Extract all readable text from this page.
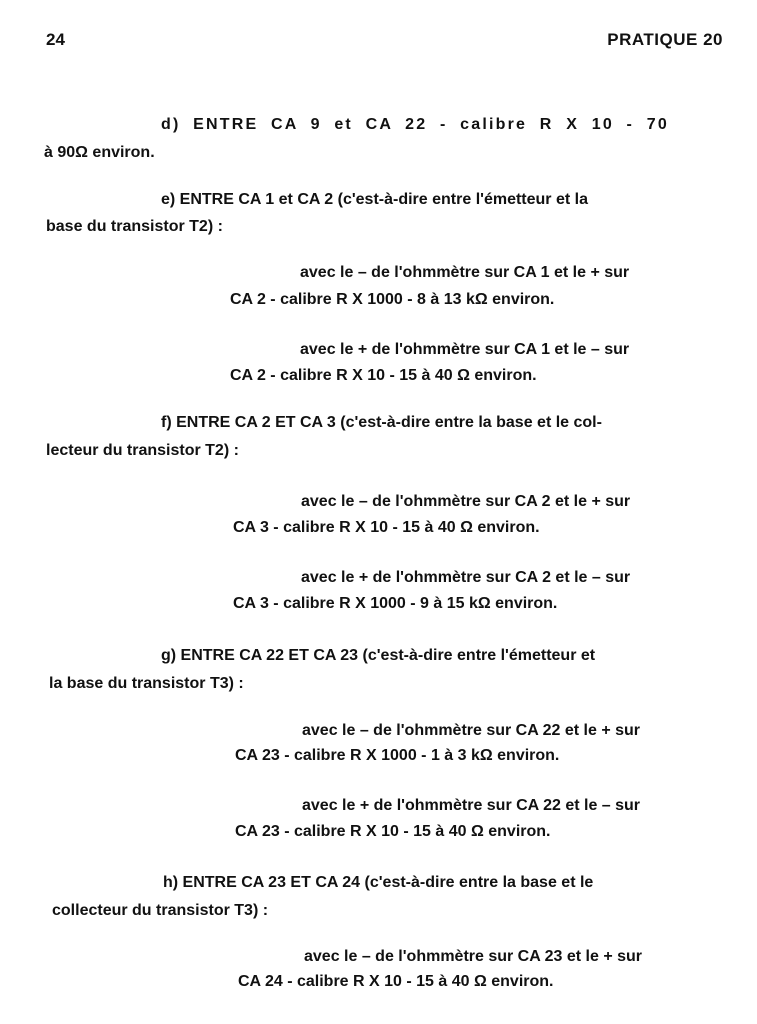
24	PRATIQUE 20

d) ENTRE CA 9 et CA 22 - calibre R X 10 - 70

à 90Ω environ.

e) ENTRE CA 1 et CA 2 (c'est-à-dire entre l'émetteur et la

base du transistor T2) :

avec le – de l'ohmmètre sur CA 1 et le + sur

CA 2 - calibre R X 1000 - 8 à 13 kΩ environ.

avec le + de l'ohmmètre sur CA 1 et le – sur

CA 2 - calibre R X 10 - 15 à 40 Ω environ.

f) ENTRE CA 2 ET CA 3 (c'est-à-dire entre la base et le col-

lecteur du transistor T2) :

avec le – de l'ohmmètre sur CA 2 et le + sur

CA 3 - calibre R X 10 - 15 à 40 Ω environ.

avec le + de l'ohmmètre sur CA 2 et le – sur

CA 3 - calibre R X 1000 - 9 à 15 kΩ environ.

g) ENTRE CA 22 ET CA 23 (c'est-à-dire entre l'émetteur et

la base du transistor T3) :

avec le – de l'ohmmètre sur CA 22 et le + sur

CA 23 - calibre R X 1000 - 1 à 3 kΩ environ.

avec le + de l'ohmmètre sur CA 22 et le – sur

CA 23 - calibre R X 10 - 15 à 40 Ω environ.

h) ENTRE CA 23 ET CA 24 (c'est-à-dire entre la base et le

collecteur du transistor T3) :

avec le – de l'ohmmètre sur CA 23 et le + sur

CA 24 - calibre R X 10 - 15 à 40 Ω environ.
